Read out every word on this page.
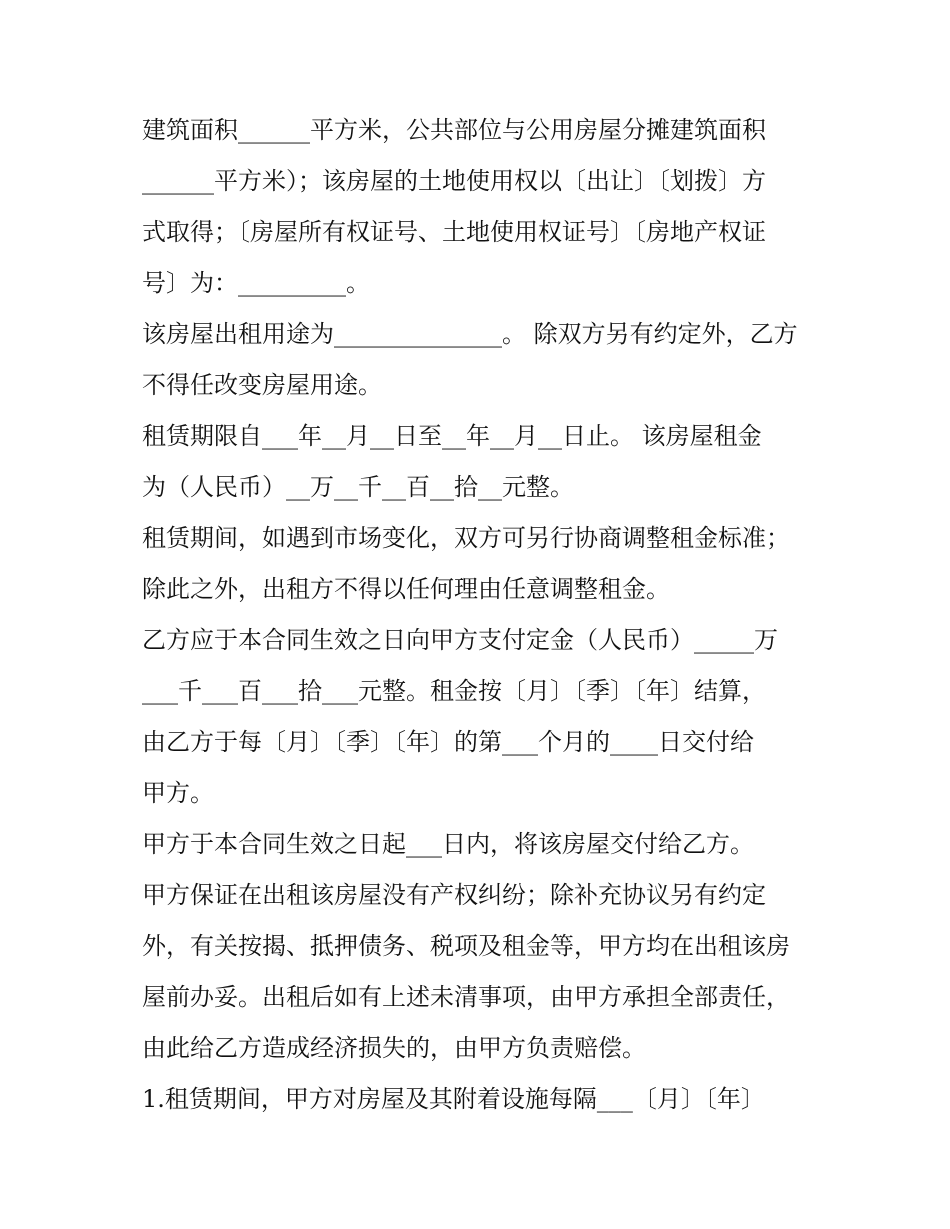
建筑面积______平方米，公共部位与公用房屋分摊建筑面积
______平方米）；该房屋的土地使用权以〔出让〕〔划拨〕方
式取得；〔房屋所有权证号、土地使用权证号〕〔房地产权证
号〕为：_________。
该房屋出租用途为______________。 除双方另有约定外，乙方
不得任改变房屋用途。
租赁期限自___年__月__日至__年__月__日止。 该房屋租金
为（人民币）__万__千__百__拾__元整。
租赁期间，如遇到市场变化，双方可另行协商调整租金标准；
除此之外，出租方不得以任何理由任意调整租金。
乙方应于本合同生效之日向甲方支付定金（人民币）_____万
___千___百___拾___元整。租金按〔月〕〔季〕〔年〕结算，
由乙方于每〔月〕〔季〕〔年〕的第___个月的____日交付给
甲方。
甲方于本合同生效之日起___日内，将该房屋交付给乙方。
甲方保证在出租该房屋没有产权纠纷；除补充协议另有约定
外，有关按揭、抵押债务、税项及租金等，甲方均在出租该房
屋前办妥。出租后如有上述未清事项，由甲方承担全部责任，
由此给乙方造成经济损失的，由甲方负责赔偿。
1.租赁期间，甲方对房屋及其附着设施每隔___〔月〕〔年〕
